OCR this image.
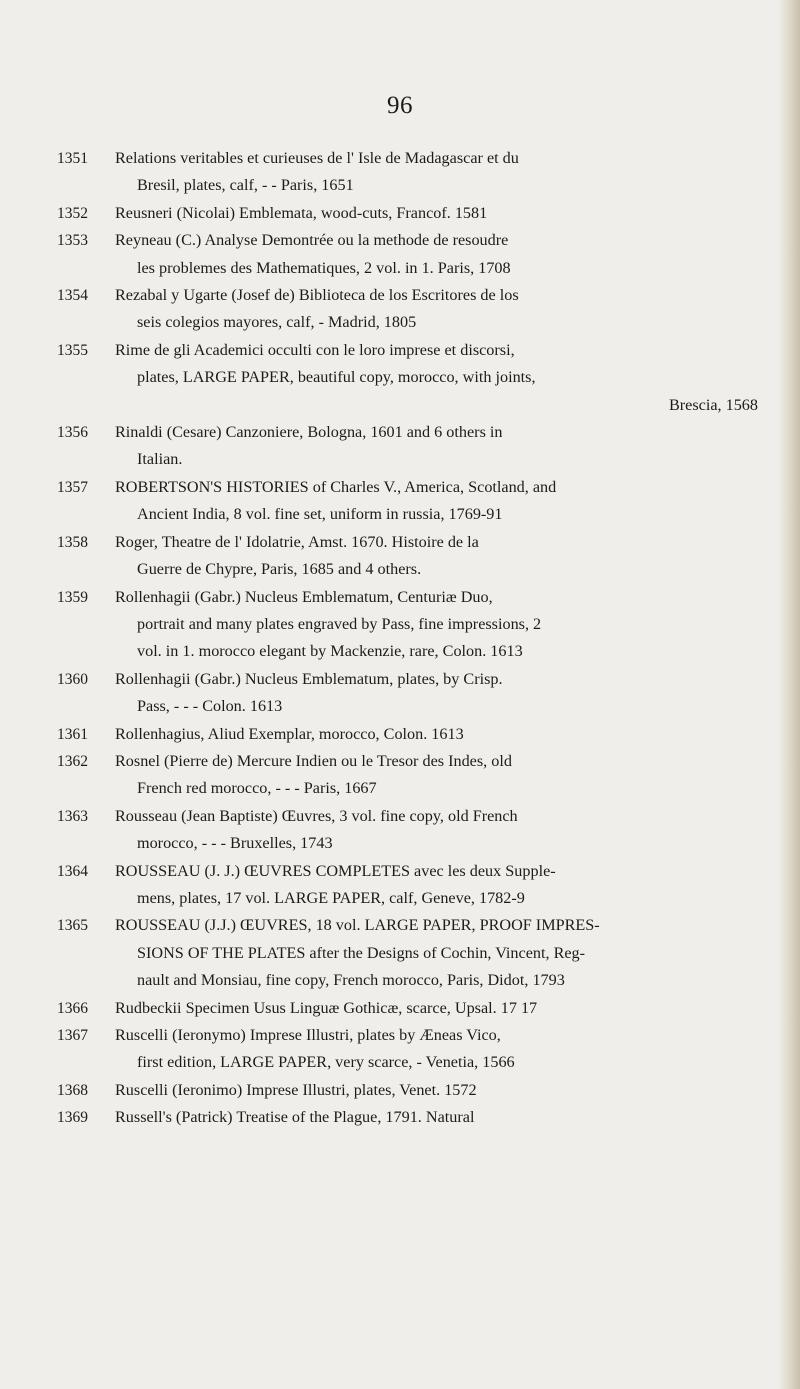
96
1351	Relations veritables et curieuses de l' Isle de Madagascar et du
Bresil, plates, calf, - - Paris, 1651
1352	Reusneri (Nicolai) Emblemata, wood-cuts, Francof. 1581
1353	Reyneau (C.) Analyse Demontrée ou la methode de resoudre
les problemes des Mathematiques, 2 vol. in 1. Paris, 1708
1354	Rezabal y Ugarte (Josef de) Biblioteca de los Escritores de los
seis colegios mayores, calf, - Madrid, 1805
1355	Rime de gli Academici occulti con le loro imprese et discorsi,
plates, LARGE PAPER, beautiful copy, morocco, with joints,
Brescia, 1568
1356	Rinaldi (Cesare) Canzoniere, Bologna, 1601 and 6 others in
Italian.
1357	ROBERTSON'S HISTORIES of Charles V., America, Scotland, and
Ancient India, 8 vol. fine set, uniform in russia, 1769-91
1358	Roger, Theatre de l' Idolatrie, Amst. 1670. Histoire de la
Guerre de Chypre, Paris, 1685 and 4 others.
1359	Rollenhagii (Gabr.) Nucleus Emblematum, Centuriæ Duo,
portrait and many plates engraved by Pass, fine impressions, 2
vol. in 1. morocco elegant by Mackenzie, rare, Colon. 1613
1360	Rollenhagii (Gabr.) Nucleus Emblematum, plates, by Crisp.
Pass, - - - Colon. 1613
1361	Rollenhagius, Aliud Exemplar, morocco, Colon. 1613
1362	Rosnel (Pierre de) Mercure Indien ou le Tresor des Indes, old
French red morocco, - - - Paris, 1667
1363	Rousseau (Jean Baptiste) Œuvres, 3 vol. fine copy, old French
morocco, - - - Bruxelles, 1743
1364	ROUSSEAU (J. J.) ŒUVRES COMPLETES avec les deux Supple-
mens, plates, 17 vol. LARGE PAPER, calf, Geneve, 1782-9
1365	ROUSSEAU (J.J.) ŒUVRES, 18 vol. LARGE PAPER, PROOF IMPRES-
SIONS OF THE PLATES after the Designs of Cochin, Vincent, Reg-
nault and Monsiau, fine copy, French morocco, Paris, Didot, 1793
1366	Rudbeckii Specimen Usus Linguæ Gothicæ, scarce, Upsal. 17 17
1367	Ruscelli (Ieronymo) Imprese Illustri, plates by Æneas Vico,
first edition, LARGE PAPER, very scarce, - Venetia, 1566
1368	Ruscelli (Ieronimo) Imprese Illustri, plates, Venet. 1572
1369	Russell's (Patrick) Treatise of the Plague, 1791. Natural
